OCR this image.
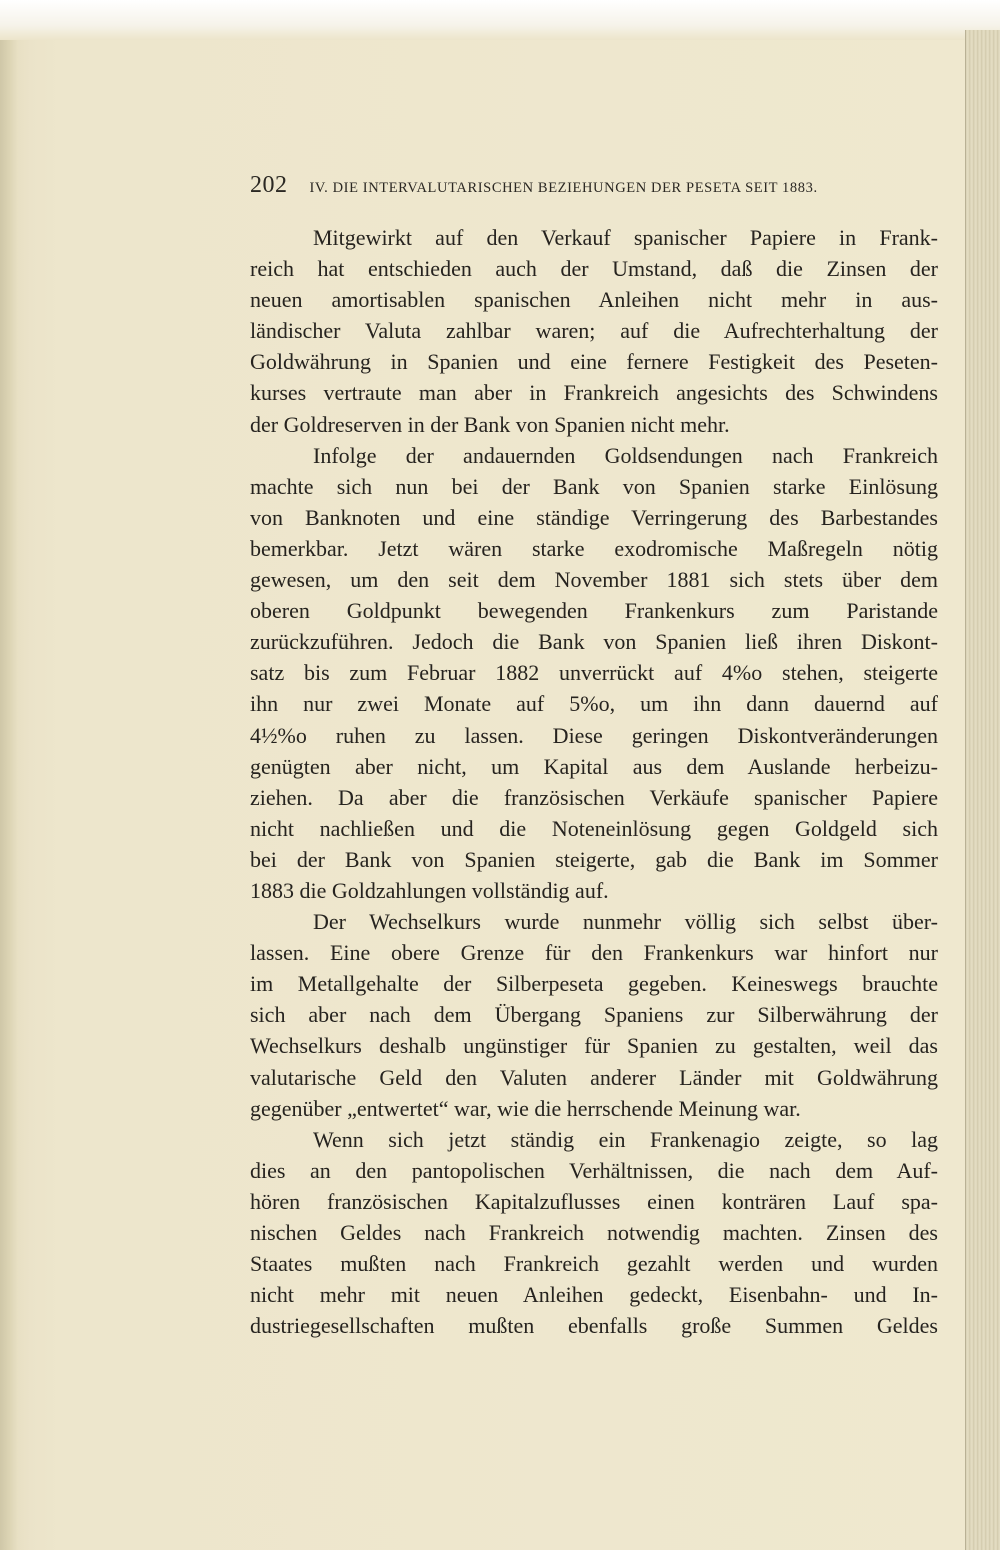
202 IV. DIE INTERVALUTARISCHEN BEZIEHUNGEN DER PESETA SEIT 1883.
Mitgewirkt auf den Verkauf spanischer Papiere in Frank-
reich hat entschieden auch der Umstand, daß die Zinsen der
neuen amortisablen spanischen Anleihen nicht mehr in aus-
ländischer Valuta zahlbar waren; auf die Aufrechterhaltung der
Goldwährung in Spanien und eine fernere Festigkeit des Peseten-
kurses vertraute man aber in Frankreich angesichts des Schwindens
der Goldreserven in der Bank von Spanien nicht mehr.
Infolge der andauernden Goldsendungen nach Frankreich
machte sich nun bei der Bank von Spanien starke Einlösung
von Banknoten und eine ständige Verringerung des Barbestandes
bemerkbar. Jetzt wären starke exodromische Maßregeln nötig
gewesen, um den seit dem November 1881 sich stets über dem
oberen Goldpunkt bewegenden Frankenkurs zum Paristande
zurückzuführen. Jedoch die Bank von Spanien ließ ihren Diskont-
satz bis zum Februar 1882 unverrückt auf 4%o stehen, steigerte
ihn nur zwei Monate auf 5%o, um ihn dann dauernd auf
4½%o ruhen zu lassen. Diese geringen Diskontveränderungen
genügten aber nicht, um Kapital aus dem Auslande herbeizu-
ziehen. Da aber die französischen Verkäufe spanischer Papiere
nicht nachließen und die Noteneinlösung gegen Goldgeld sich
bei der Bank von Spanien steigerte, gab die Bank im Sommer
1883 die Goldzahlungen vollständig auf.
Der Wechselkurs wurde nunmehr völlig sich selbst über-
lassen. Eine obere Grenze für den Frankenkurs war hinfort nur
im Metallgehalte der Silberpeseta gegeben. Keineswegs brauchte
sich aber nach dem Übergang Spaniens zur Silberwährung der
Wechselkurs deshalb ungünstiger für Spanien zu gestalten, weil das
valutarische Geld den Valuten anderer Länder mit Goldwährung
gegenüber „entwertet“ war, wie die herrschende Meinung war.
Wenn sich jetzt ständig ein Frankenagio zeigte, so lag
dies an den pantopolischen Verhältnissen, die nach dem Auf-
hören französischen Kapitalzuflusses einen konträren Lauf spa-
nischen Geldes nach Frankreich notwendig machten. Zinsen des
Staates mußten nach Frankreich gezahlt werden und wurden
nicht mehr mit neuen Anleihen gedeckt, Eisenbahn- und In-
dustriegesellschaften mußten ebenfalls große Summen Geldes
